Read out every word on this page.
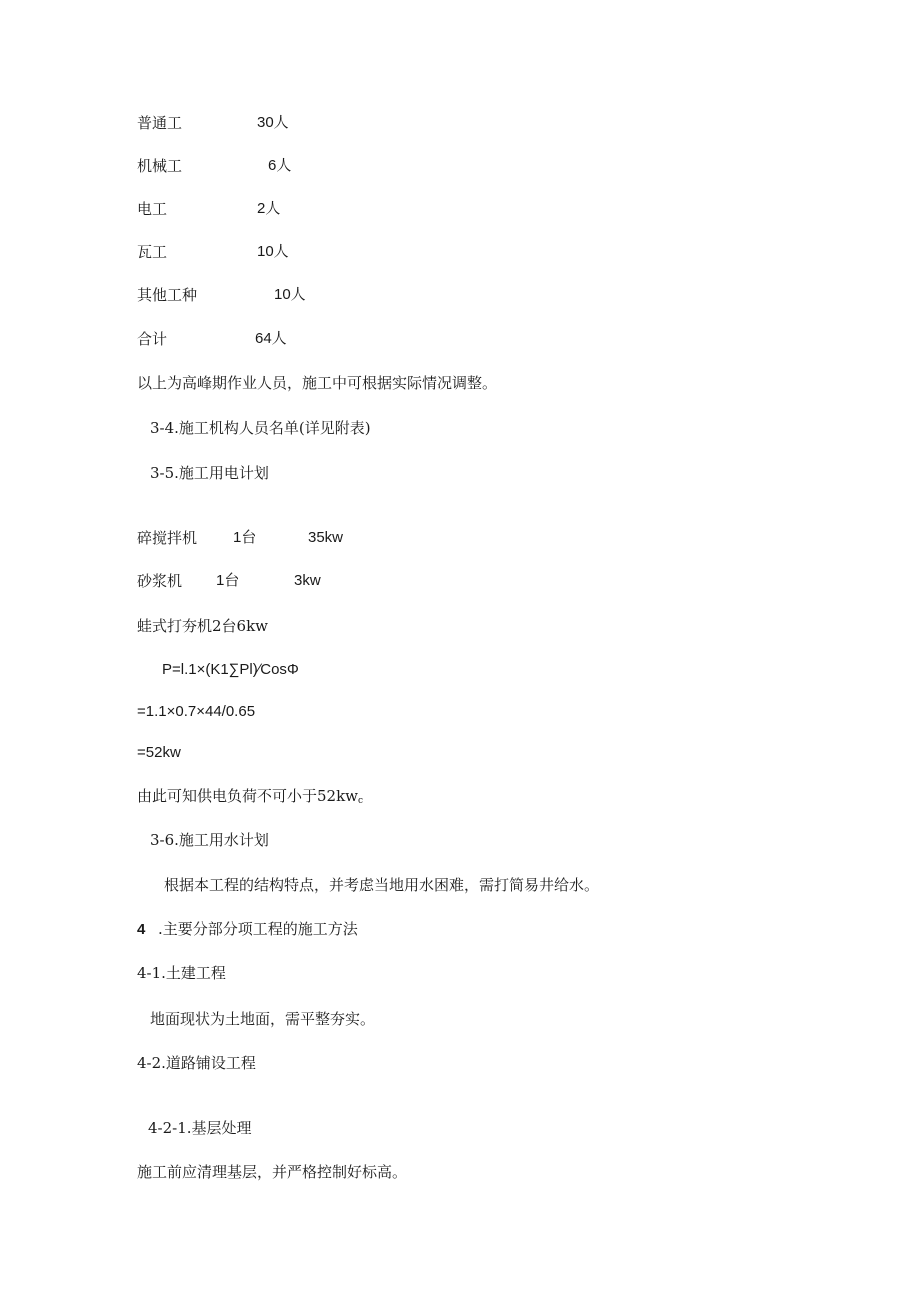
普通工	30人
机械工	6人
电工	2人
瓦工	10人
其他工种	10人
合计	64人
以上为高峰期作业人员，施工中可根据实际情况调整。
3-4.施工机构人员名单(详见附表)
3-5.施工用电计划
碎搅拌机 1台	35kw
砂浆机 1台	3kw
蛙式打夯机2台6kw
P=l.1×(K1∑Pl)∕CosΦ
=1.1×0.7×44/0.65
=52kw
由此可知供电负荷不可小于$52kw_c$
3-6.施工用水计划
根据本工程的结构特点，并考虑当地用水困难，需打简易井给水。
4 .主要分部分项工程的施工方法
4-1.土建工程
地面现状为土地面，需平整夯实。
4-2.道路铺设工程
4-2-1.基层处理
施工前应清理基层，并严格控制好标高。
